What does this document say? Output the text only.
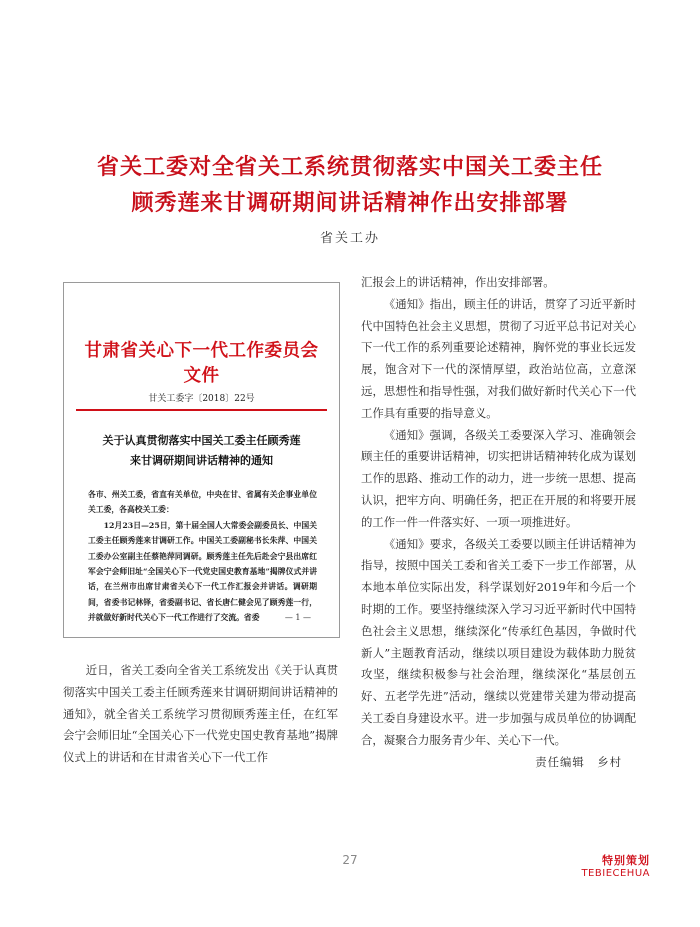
省关工委对全省关工系统贯彻落实中国关工委主任
顾秀莲来甘调研期间讲话精神作出安排部署
省关工办
甘肃省关心下一代工作委员会文件
甘关工委字〔2018〕22号
关于认真贯彻落实中国关工委主任顾秀莲
来甘调研期间讲话精神的通知

各市、州关工委，省直有关单位，中央在甘、省属有关企事业单位关工委，各高校关工委：

12月23日—25日，第十届全国人大常委会副委员长、中国关工委主任顾秀莲来甘调研工作。中国关工委副秘书长朱萍、中国关工委办公室副主任蔡艳萍同调研。顾秀莲主任先后赴会宁县出席红军会宁会师旧址“全国关心下一代党史国史教育基地”揭牌仪式并讲话，在兰州市出席甘肃省关心下一代工作汇报会并讲话。调研期间，省委书记林铎，省委副书记、省长唐仁健会见了顾秀莲一行，并就做好新时代关心下一代工作进行了交流。省委	— 1 —

近日，省关工委向全省关工系统发出《关于认真贯彻落实中国关工委主任顾秀莲来甘调研期间讲话精神的通知》，就全省关工系统学习贯彻顾秀莲主任，在红军会宁会师旧址“全国关心下一代党史国史教育基地”揭牌仪式上的讲话和在甘肃省关心下一代工作

汇报会上的讲话精神，作出安排部署。

《通知》指出，顾主任的讲话，贯穿了习近平新时代中国特色社会主义思想，贯彻了习近平总书记对关心下一代工作的系列重要论述精神，胸怀党的事业长远发展，饱含对下一代的深情厚望，政治站位高，立意深远，思想性和指导性强，对我们做好新时代关心下一代工作具有重要的指导意义。

《通知》强调，各级关工委要深入学习、准确领会顾主任的重要讲话精神，切实把讲话精神转化成为谋划工作的思路、推动工作的动力，进一步统一思想、提高认识，把牢方向、明确任务，把正在开展的和将要开展的工作一件一件落实好、一项一项推进好。

《通知》要求，各级关工委要以顾主任讲话精神为指导，按照中国关工委和省关工委下一步工作部署，从本地本单位实际出发，科学谋划好2019年和今后一个时期的工作。要坚持继续深入学习习近平新时代中国特色社会主义思想，继续深化“传承红色基因，争做时代新人”主题教育活动，继续以项目建设为载体助力脱贫攻坚，继续积极参与社会治理，继续深化“基层创五好、五老学先进”活动，继续以党建带关建为带动提高关工委自身建设水平。进一步加强与成员单位的协调配合，凝聚合力服务青少年、关心下一代。

责任编辑　乡村

27	特别策划
TEBIECEHUA
